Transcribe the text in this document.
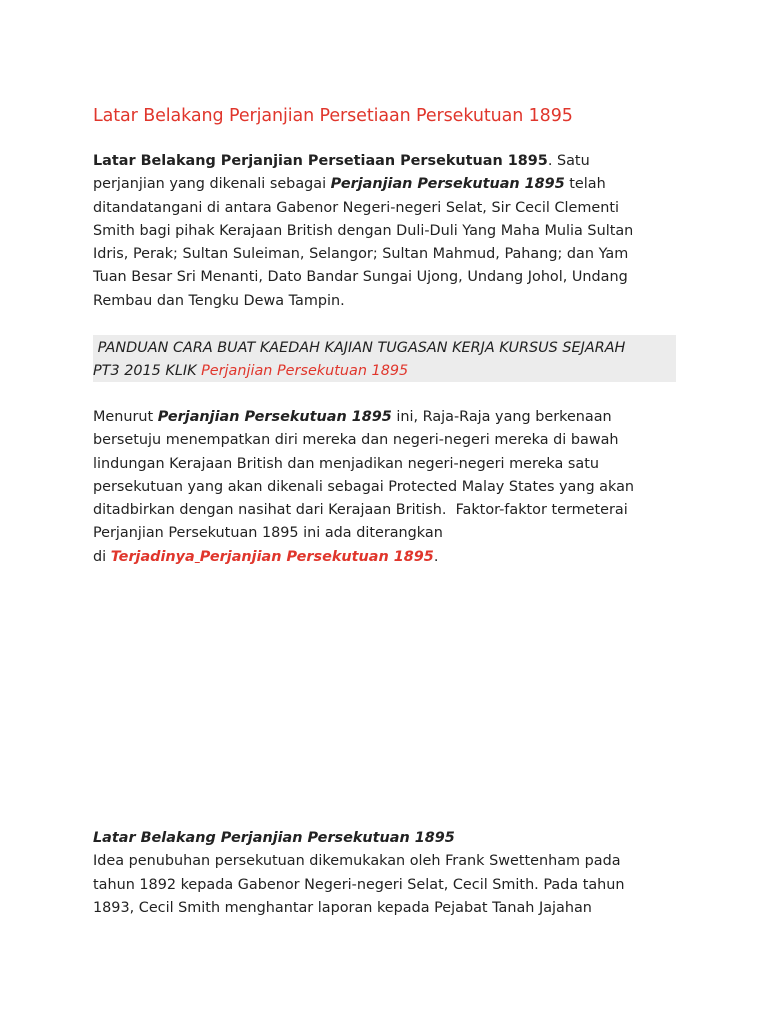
Latar Belakang Perjanjian Persetiaan Persekutuan 1895
Latar Belakang Perjanjian Persetiaan Persekutuan 1895. Satu
perjanjian yang dikenali sebagai Perjanjian Persekutuan 1895 telah
ditandatangani di antara Gabenor Negeri-negeri Selat, Sir Cecil Clementi
Smith bagi pihak Kerajaan British dengan Duli-Duli Yang Maha Mulia Sultan
Idris, Perak; Sultan Suleiman, Selangor; Sultan Mahmud, Pahang; dan Yam
Tuan Besar Sri Menanti, Dato Bandar Sungai Ujong, Undang Johol, Undang
Rembau dan Tengku Dewa Tampin.
PANDUAN CARA BUAT KAEDAH KAJIAN TUGASAN KERJA KURSUS SEJARAH
PT3 2015 KLIK Perjanjian Persekutuan 1895
Menurut Perjanjian Persekutuan 1895 ini, Raja-Raja yang berkenaan
bersetuju menempatkan diri mereka dan negeri-negeri mereka di bawah
lindungan Kerajaan British dan menjadikan negeri-negeri mereka satu
persekutuan yang akan dikenali sebagai Protected Malay States yang akan
ditadbirkan dengan nasihat dari Kerajaan British.  Faktor-faktor termeterai
Perjanjian Persekutuan 1895 ini ada diterangkan
di Terjadinya Perjanjian Persekutuan 1895.
Latar Belakang Perjanjian Persekutuan 1895
Idea penubuhan persekutuan dikemukakan oleh Frank Swettenham pada
tahun 1892 kepada Gabenor Negeri-negeri Selat, Cecil Smith. Pada tahun
1893, Cecil Smith menghantar laporan kepada Pejabat Tanah Jajahan
